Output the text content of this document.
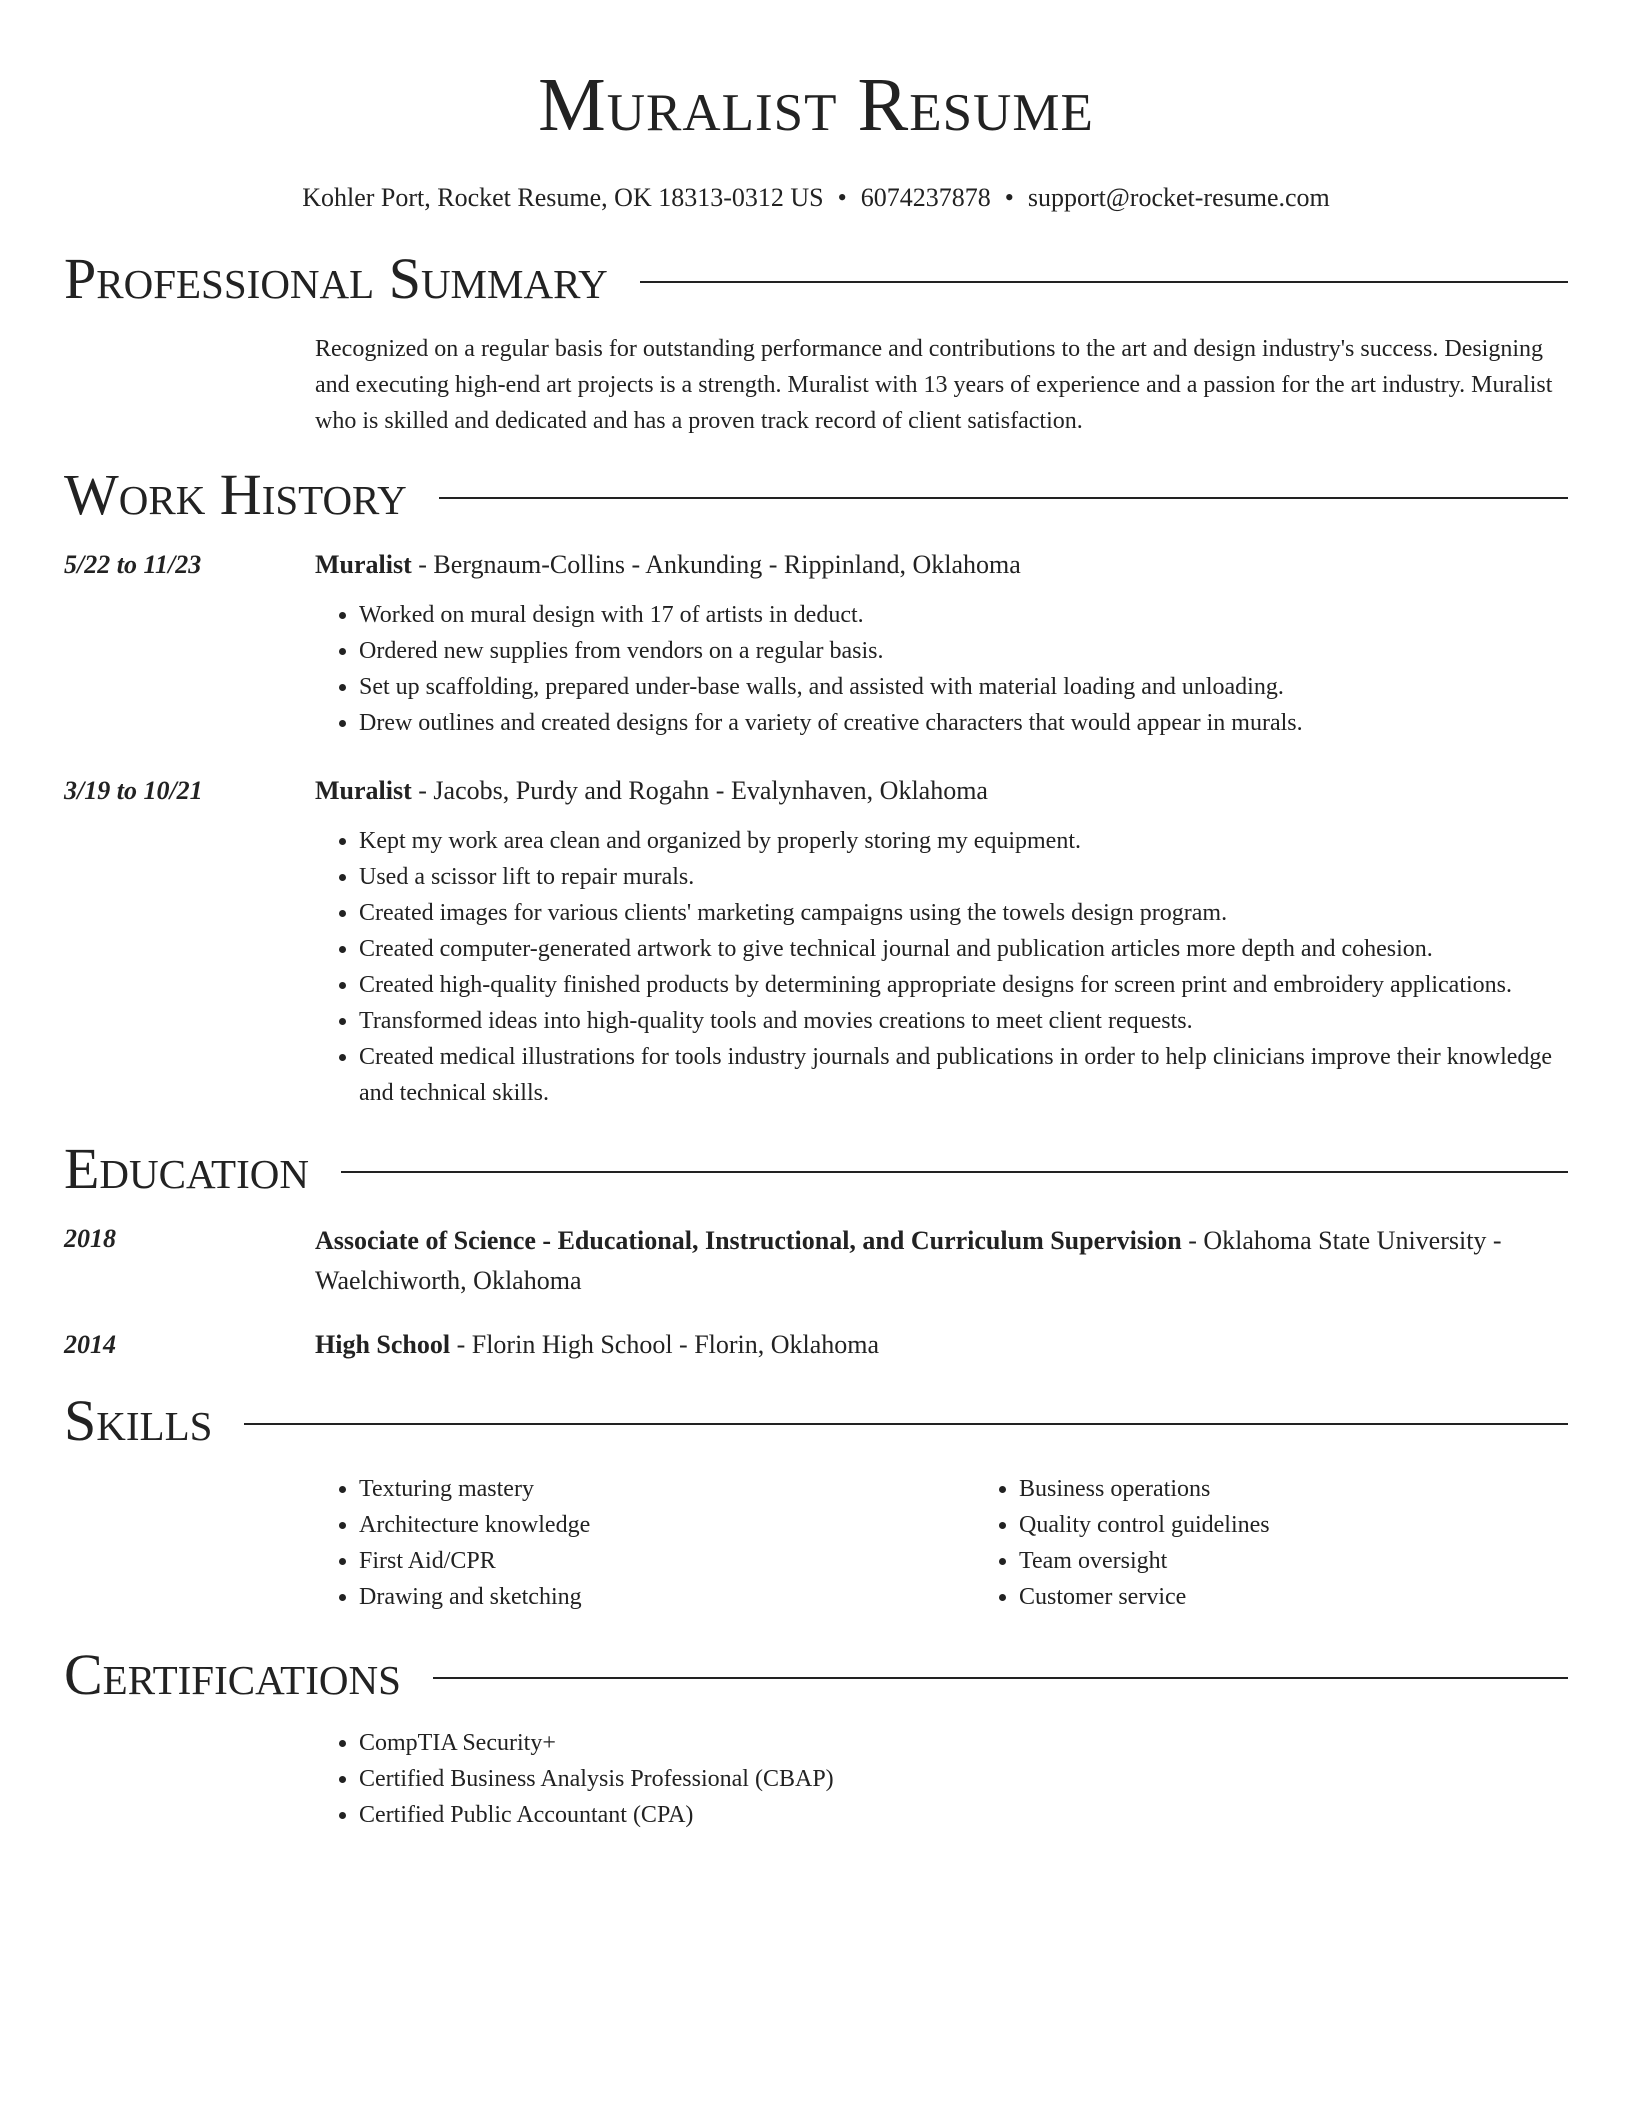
Muralist Resume
Kohler Port, Rocket Resume, OK 18313-0312 US • 6074237878 • support@rocket-resume.com
Professional Summary
Recognized on a regular basis for outstanding performance and contributions to the art and design industry's success. Designing and executing high-end art projects is a strength. Muralist with 13 years of experience and a passion for the art industry. Muralist who is skilled and dedicated and has a proven track record of client satisfaction.
Work History
5/22 to 11/23	Muralist - Bergnaum-Collins - Ankunding - Rippinland, Oklahoma
• Worked on mural design with 17 of artists in deduct.
• Ordered new supplies from vendors on a regular basis.
• Set up scaffolding, prepared under-base walls, and assisted with material loading and unloading.
• Drew outlines and created designs for a variety of creative characters that would appear in murals.
3/19 to 10/21	Muralist - Jacobs, Purdy and Rogahn - Evalynhaven, Oklahoma
• Kept my work area clean and organized by properly storing my equipment.
• Used a scissor lift to repair murals.
• Created images for various clients' marketing campaigns using the towels design program.
• Created computer-generated artwork to give technical journal and publication articles more depth and cohesion.
• Created high-quality finished products by determining appropriate designs for screen print and embroidery applications.
• Transformed ideas into high-quality tools and movies creations to meet client requests.
• Created medical illustrations for tools industry journals and publications in order to help clinicians improve their knowledge and technical skills.
Education
2018	Associate of Science - Educational, Instructional, and Curriculum Supervision - Oklahoma State University - Waelchiworth, Oklahoma
2014	High School - Florin High School - Florin, Oklahoma
Skills
• Texturing mastery
• Architecture knowledge
• First Aid/CPR
• Drawing and sketching
• Business operations
• Quality control guidelines
• Team oversight
• Customer service
Certifications
• CompTIA Security+
• Certified Business Analysis Professional (CBAP)
• Certified Public Accountant (CPA)
